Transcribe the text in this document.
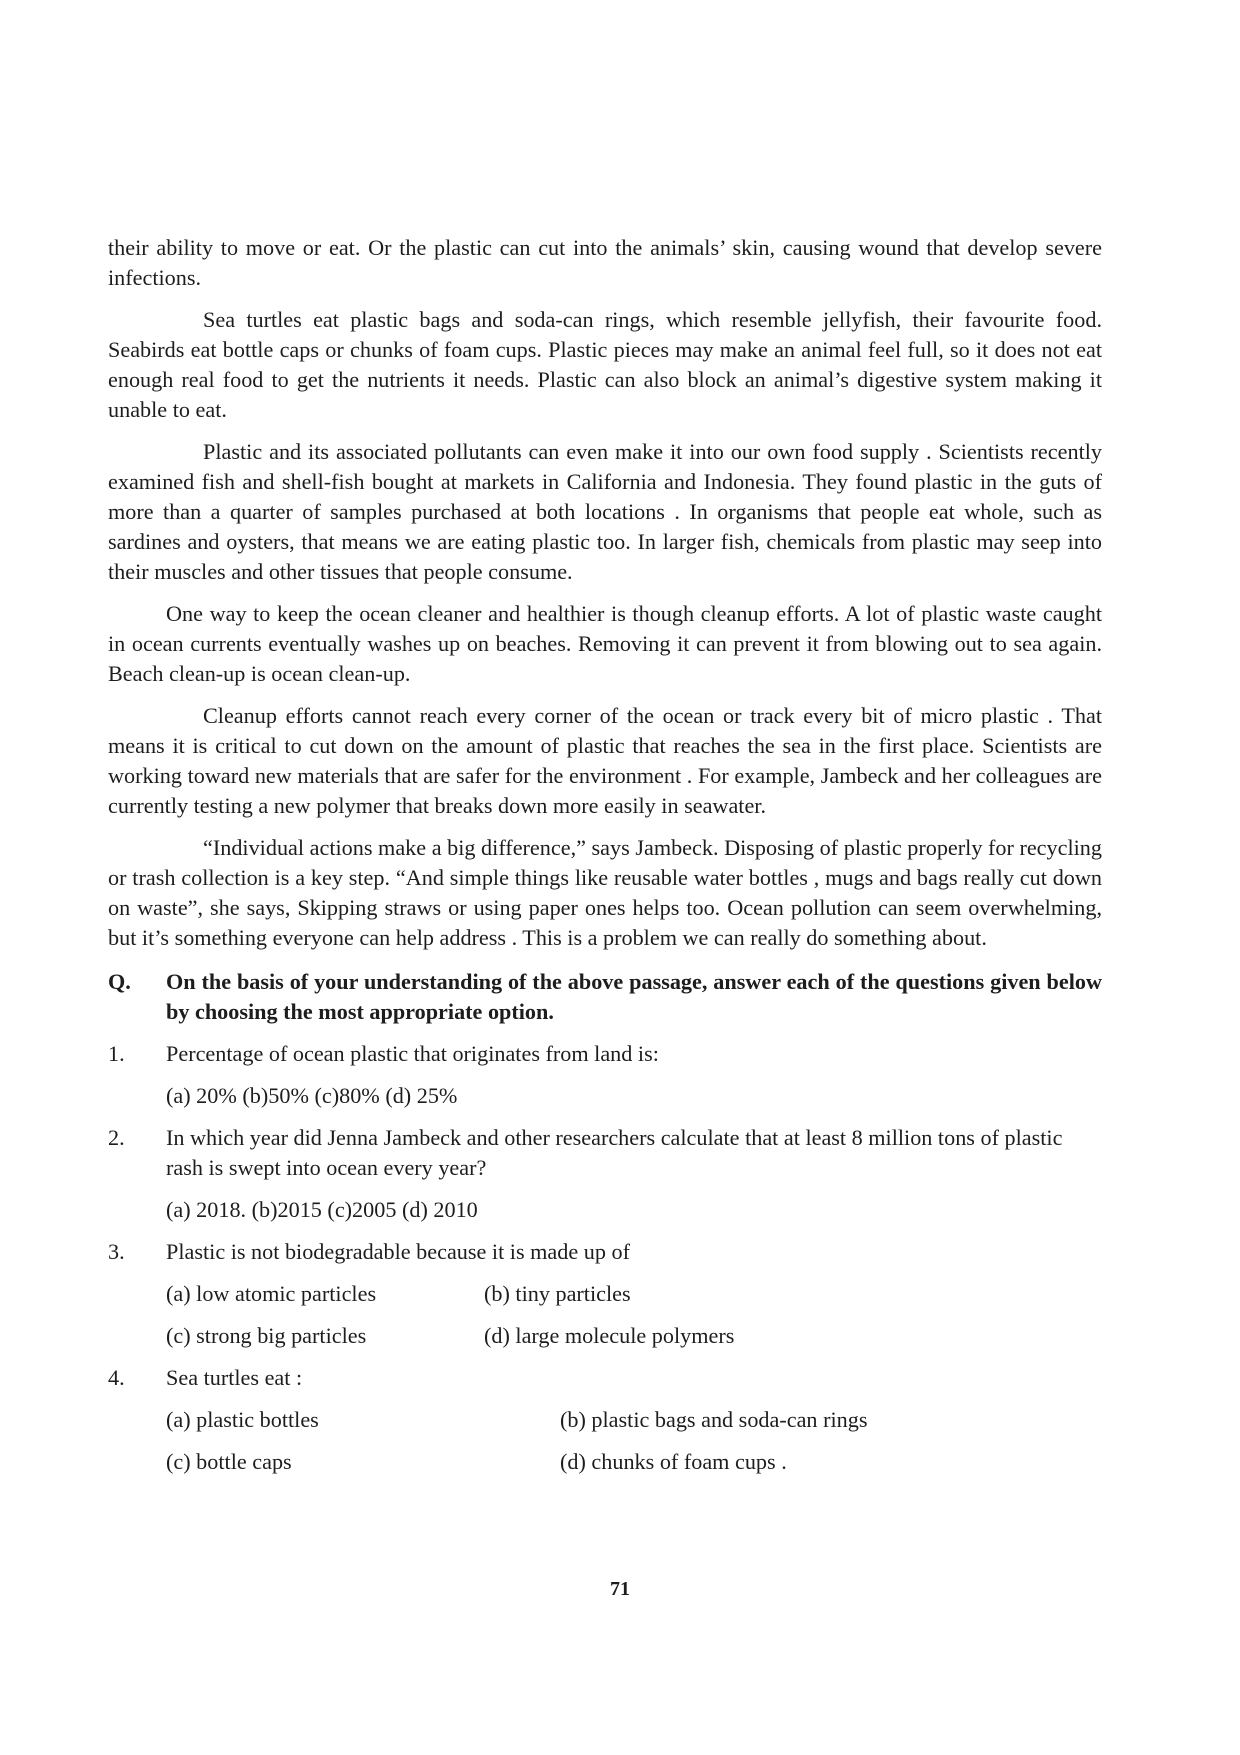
their ability to move or eat. Or the plastic can cut into the animals’ skin, causing wound that develop severe infections.

Sea turtles eat plastic bags and soda-can rings, which resemble jellyfish, their favourite food. Seabirds eat bottle caps or chunks of foam cups. Plastic pieces may make an animal feel full, so it does not eat enough real food to get the nutrients it needs. Plastic can also block an animal’s digestive system making it unable to eat.

Plastic and its associated pollutants can even make it into our own food supply . Scientists recently examined fish and shell-fish bought at markets in California and Indonesia. They found plastic in the guts of more than a quarter of samples purchased at both locations . In organisms that people eat whole, such as sardines and oysters, that means we are eating plastic too. In larger fish, chemicals from plastic may seep into their muscles and other tissues that people consume.

One way to keep the ocean cleaner and healthier is though cleanup efforts. A lot of plastic waste caught in ocean currents eventually washes up on beaches. Removing it can prevent it from blowing out to sea again. Beach clean-up is ocean clean-up.

Cleanup efforts cannot reach every corner of the ocean or track every bit of micro plastic . That means it is critical to cut down on the amount of plastic that reaches the sea in the first place. Scientists are working toward new materials that are safer for the environment . For example, Jambeck and her colleagues are currently testing a new polymer that breaks down more easily in seawater.

“Individual actions make a big difference,” says Jambeck. Disposing of plastic properly for recycling or trash collection is a key step. “And simple things like reusable water bottles , mugs and bags really cut down on waste”, she says, Skipping straws or using paper ones helps too. Ocean pollution can seem overwhelming, but it’s something everyone can help address . This is a problem we can really do something about.

Q.	On the basis of your understanding of the above passage, answer each of the questions given below by choosing the most appropriate option.
1.	Percentage of ocean plastic that originates from land is:
(a) 20% (b)50% (c)80% (d) 25%
2.	In which year did Jenna Jambeck and other researchers calculate that at least 8 million tons of plastic rash is swept into ocean every year?
(a) 2018. (b)2015 (c)2005 (d) 2010
3.	Plastic is not biodegradable because it is made up of
(a) low atomic particles	(b) tiny particles
(c) strong big particles	(d) large molecule polymers
4.	Sea turtles eat :
(a) plastic bottles	(b) plastic bags and soda-can rings
(c) bottle caps	(d) chunks of foam cups .
71
